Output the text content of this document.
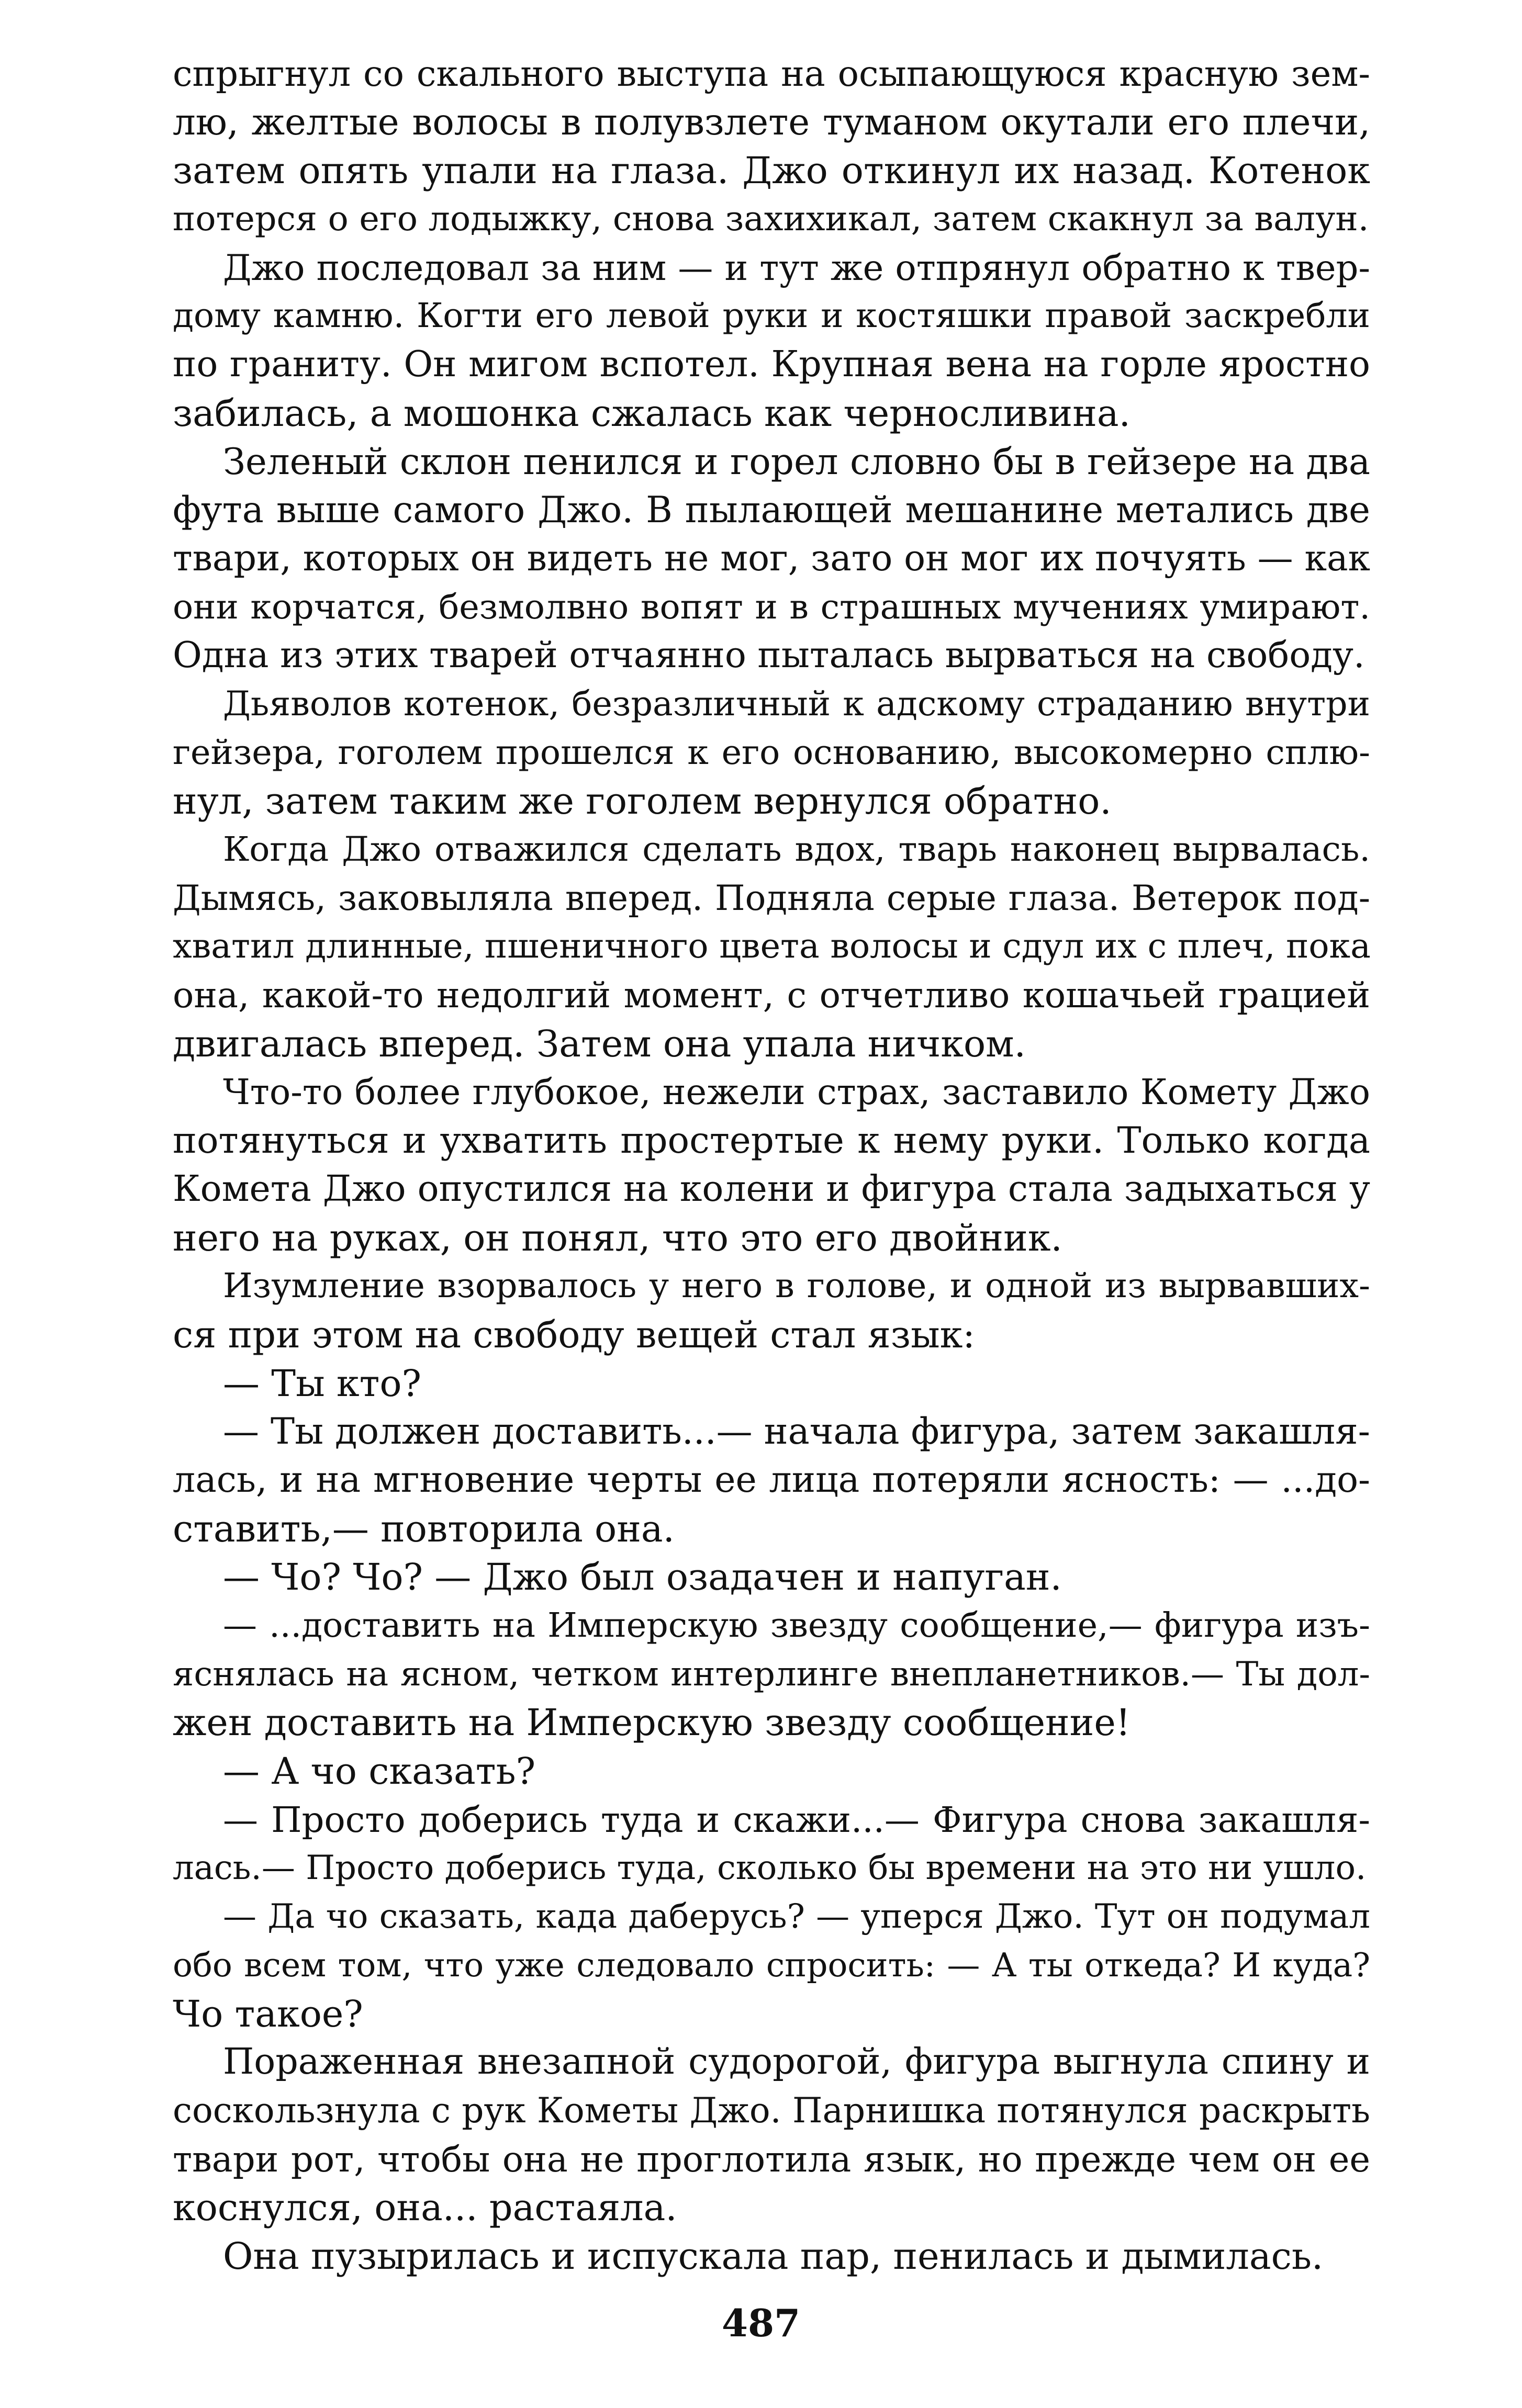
спрыгнул со скального выступа на осыпающуюся красную зем-
лю, желтые волосы в полувзлете туманом окутали его плечи,
затем опять упали на глаза. Джо откинул их назад. Котенок
потерся о его лодыжку, снова захихикал, затем скакнул за валун.
Джо последовал за ним — и тут же отпрянул обратно к твер-
дому камню. Когти его левой руки и костяшки правой заскребли
по граниту. Он мигом вспотел. Крупная вена на горле яростно
забилась, а мошонка сжалась как черносливина.
Зеленый склон пенился и горел словно бы в гейзере на два
фута выше самого Джо. В пылающей мешанине метались две
твари, которых он видеть не мог, зато он мог их почуять — как
они корчатся, безмолвно вопят и в страшных мучениях умирают.
Одна из этих тварей отчаянно пыталась вырваться на свободу.
Дьяволов котенок, безразличный к адскому страданию внутри
гейзера, гоголем прошелся к его основанию, высокомерно сплю-
нул, затем таким же гоголем вернулся обратно.
Когда Джо отважился сделать вдох, тварь наконец вырвалась.
Дымясь, заковыляла вперед. Подняла серые глаза. Ветерок под-
хватил длинные, пшеничного цвета волосы и сдул их с плеч, пока
она, какой-то недолгий момент, с отчетливо кошачьей грацией
двигалась вперед. Затем она упала ничком.
Что-то более глубокое, нежели страх, заставило Комету Джо
потянуться и ухватить простертые к нему руки. Только когда
Комета Джо опустился на колени и фигура стала задыхаться у
него на руках, он понял, что это его двойник.
Изумление взорвалось у него в голове, и одной из вырвавших-
ся при этом на свободу вещей стал язык:
— Ты кто?
— Ты должен доставить...— начала фигура, затем закашля-
лась, и на мгновение черты ее лица потеряли ясность: — ...до-
ставить,— повторила она.
— Чо? Чо? — Джо был озадачен и напуган.
— ...доставить на Имперскую звезду сообщение,— фигура изъ-
яснялась на ясном, четком интерлинге внепланетников.— Ты дол-
жен доставить на Имперскую звезду сообщение!
— А чо сказать?
— Просто доберись туда и скажи...— Фигура снова закашля-
лась.— Просто доберись туда, сколько бы времени на это ни ушло.
— Да чо сказать, када даберусь? — уперся Джо. Тут он подумал
обо всем том, что уже следовало спросить: — А ты откеда? И куда?
Чо такое?
Пораженная внезапной судорогой, фигура выгнула спину и
соскользнула с рук Кометы Джо. Парнишка потянулся раскрыть
твари рот, чтобы она не проглотила язык, но прежде чем он ее
коснулся, она... растаяла.
Она пузырилась и испускала пар, пенилась и дымилась.
487
